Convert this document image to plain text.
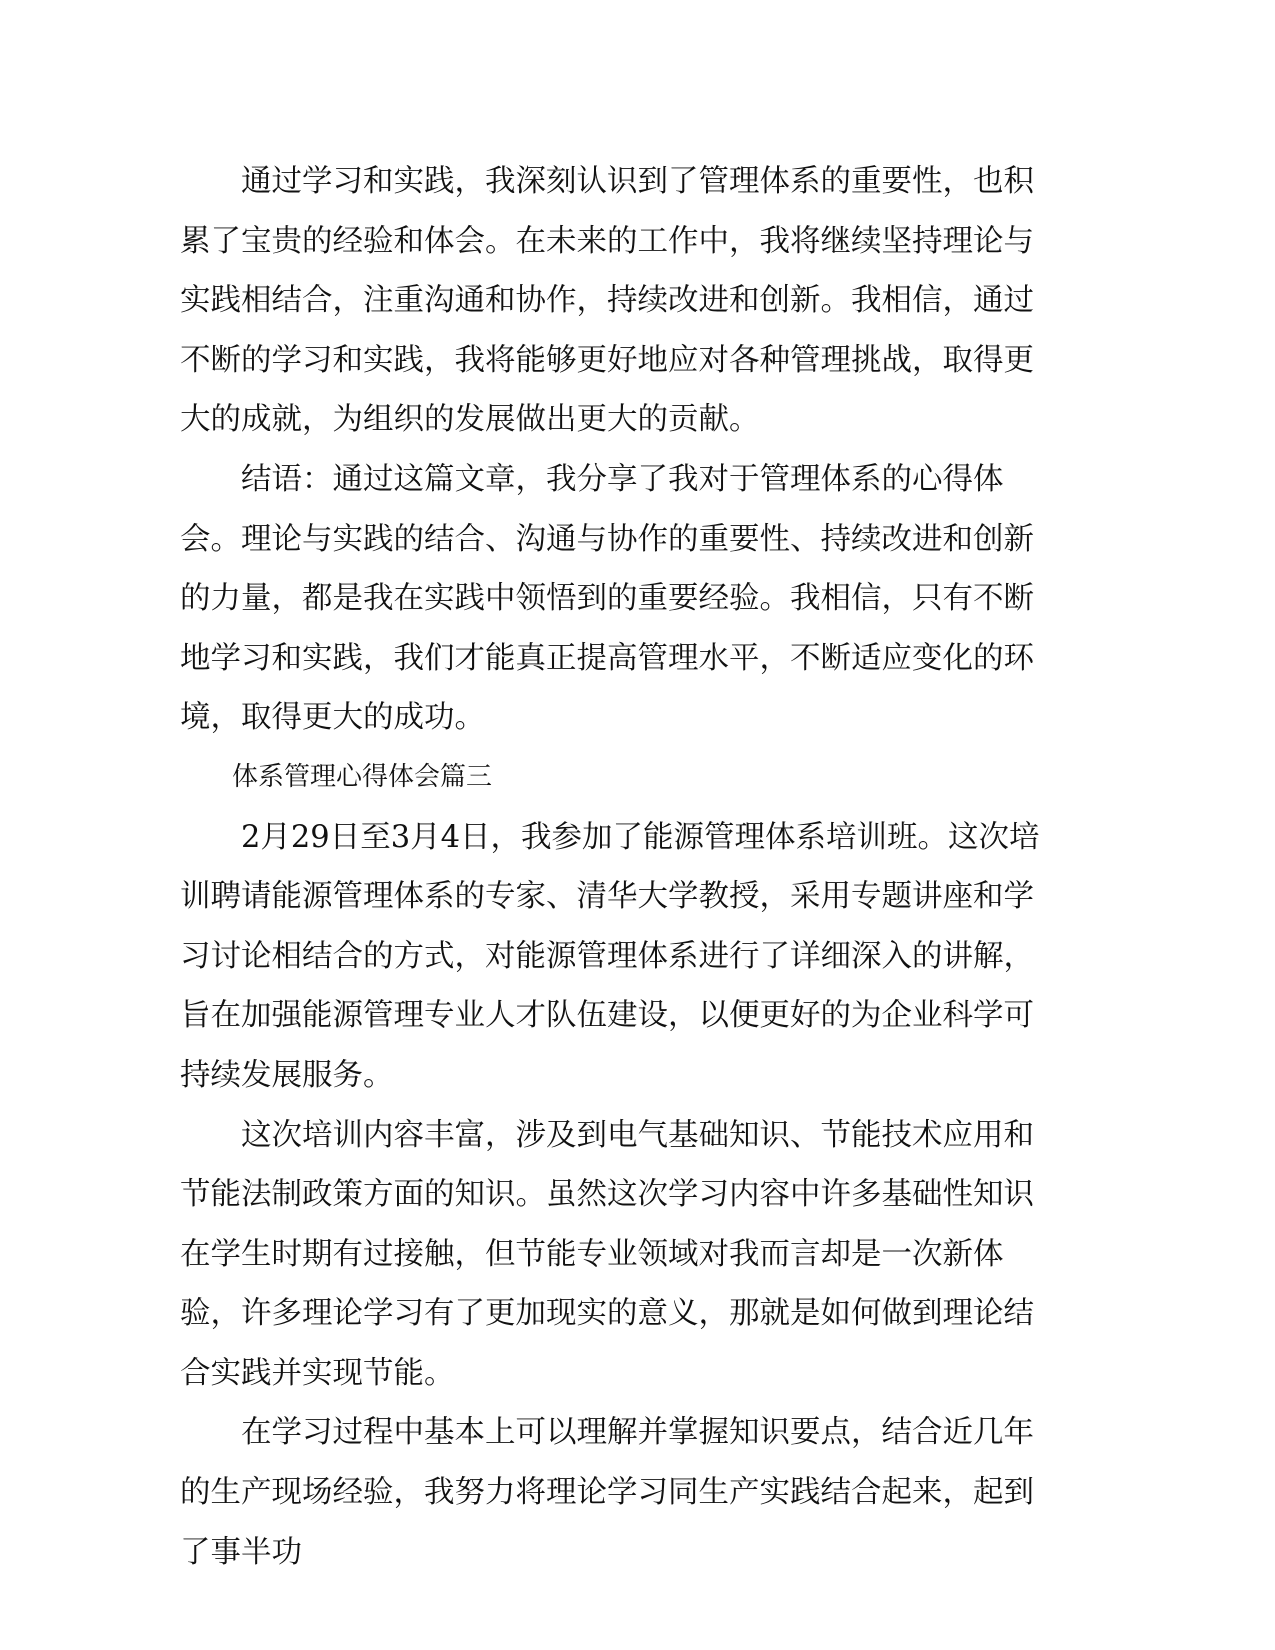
通过学习和实践，我深刻认识到了管理体系的重要性，也积累了宝贵的经验和体会。在未来的工作中，我将继续坚持理论与实践相结合，注重沟通和协作，持续改进和创新。我相信，通过不断的学习和实践，我将能够更好地应对各种管理挑战，取得更大的成就，为组织的发展做出更大的贡献。

结语：通过这篇文章，我分享了我对于管理体系的心得体会。理论与实践的结合、沟通与协作的重要性、持续改进和创新的力量，都是我在实践中领悟到的重要经验。我相信，只有不断地学习和实践，我们才能真正提高管理水平，不断适应变化的环境，取得更大的成功。

体系管理心得体会篇三

2月29日至3月4日，我参加了能源管理体系培训班。这次培训聘请能源管理体系的专家、清华大学教授，采用专题讲座和学习讨论相结合的方式，对能源管理体系进行了详细深入的讲解，旨在加强能源管理专业人才队伍建设，以便更好的为企业科学可持续发展服务。

这次培训内容丰富，涉及到电气基础知识、节能技术应用和节能法制政策方面的知识。虽然这次学习内容中许多基础性知识在学生时期有过接触，但节能专业领域对我而言却是一次新体验，许多理论学习有了更加现实的意义，那就是如何做到理论结合实践并实现节能。

在学习过程中基本上可以理解并掌握知识要点，结合近几年的生产现场经验，我努力将理论学习同生产实践结合起来，起到了事半功
